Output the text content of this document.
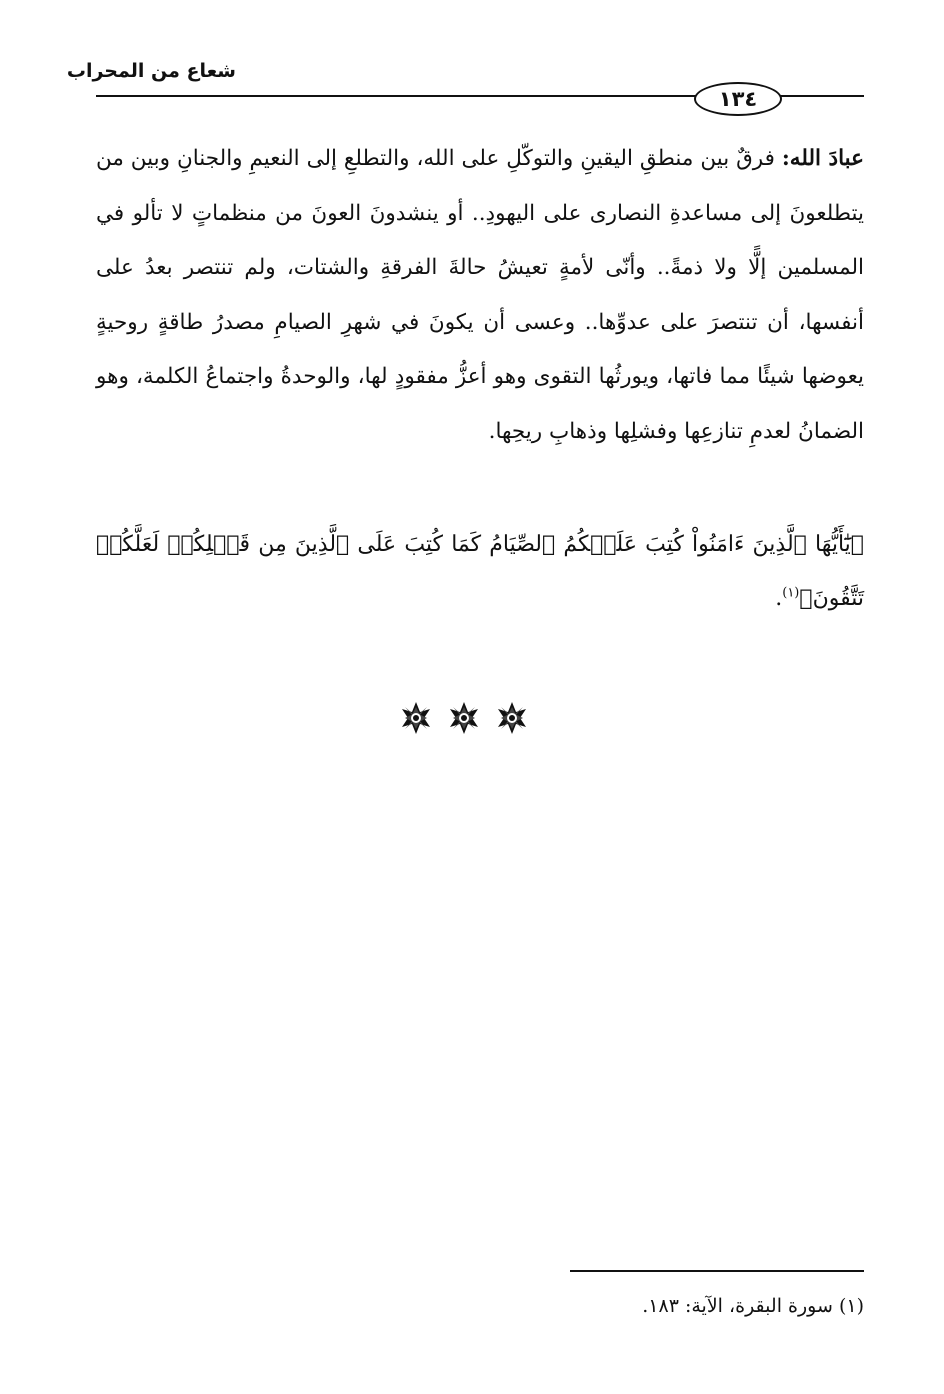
شعاع من المحراب
١٣٤
عبادَ الله: فرقٌ بين منطقِ اليقينِ والتوكّلِ على الله، والتطلعِ إلى النعيمِ والجنانِ وبين من يتطلعونَ إلى مساعدةِ النصارى على اليهودِ.. أو ينشدونَ العونَ من منظماتٍ لا تألو في المسلمين إلًّا ولا ذمةً.. وأنّى لأمةٍ تعيشُ حالةَ الفرقةِ والشتات، ولم تنتصر بعدُ على أنفسها، أن تنتصرَ على عدوِّها.. وعسى أن يكونَ في شهرِ الصيامِ مصدرُ طاقةٍ روحيةٍ يعوضها شيئًا مما فاتها، ويورثُها التقوى وهو أعزُّ مفقودٍ لها، والوحدةُ واجتماعُ الكلمة، وهو الضمانُ لعدمِ تنازعِها وفشلِها وذهابِ ريحِها.
﴿يَٰٓأَيُّهَا ٱلَّذِينَ ءَامَنُواْ كُتِبَ عَلَيۡكُمُ ٱلصِّيَامُ كَمَا كُتِبَ عَلَى ٱلَّذِينَ مِن قَبۡلِكُمۡ لَعَلَّكُمۡ تَتَّقُونَ﴾$^{(١)}$.
(١) سورة البقرة، الآية: ١٨٣.
